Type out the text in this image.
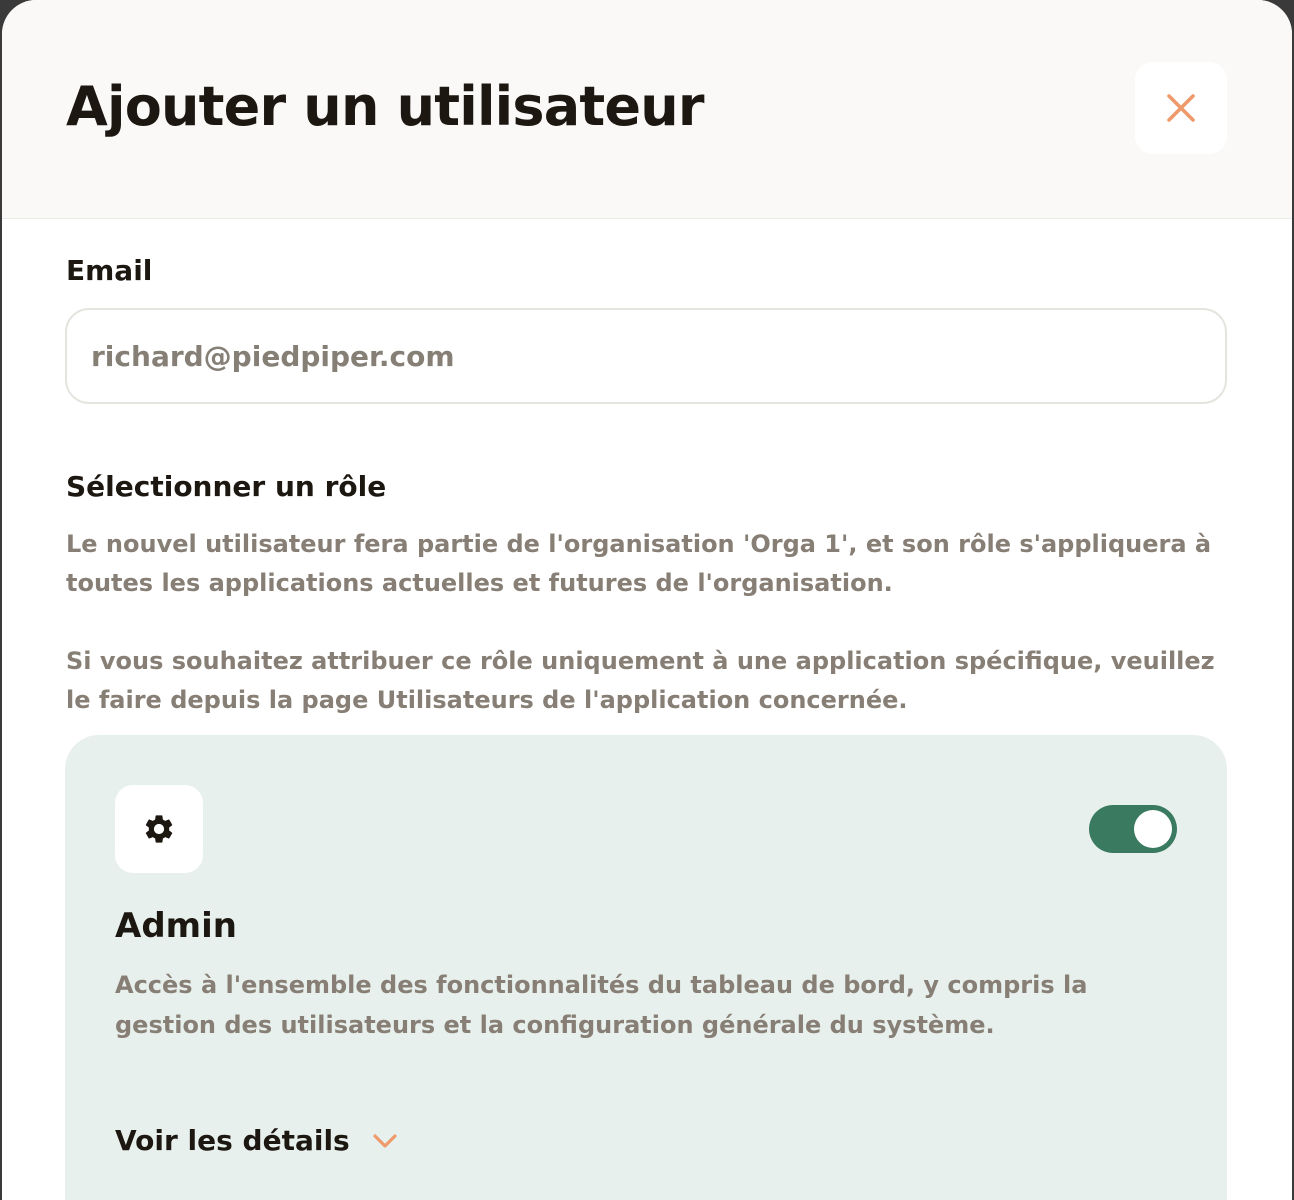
Ajouter un utilisateur
Email
richard@piedpiper.com
Sélectionner un rôle

Le nouvel utilisateur fera partie de l'organisation 'Orga 1', et son rôle s'appliquera à toutes les applications actuelles et futures de l'organisation.

Si vous souhaitez attribuer ce rôle uniquement à une application spécifique, veuillez le faire depuis la page Utilisateurs de l'application concernée.

Admin

Accès à l'ensemble des fonctionnalités du tableau de bord, y compris la gestion des utilisateurs et la configuration générale du système.

Voir les détails
